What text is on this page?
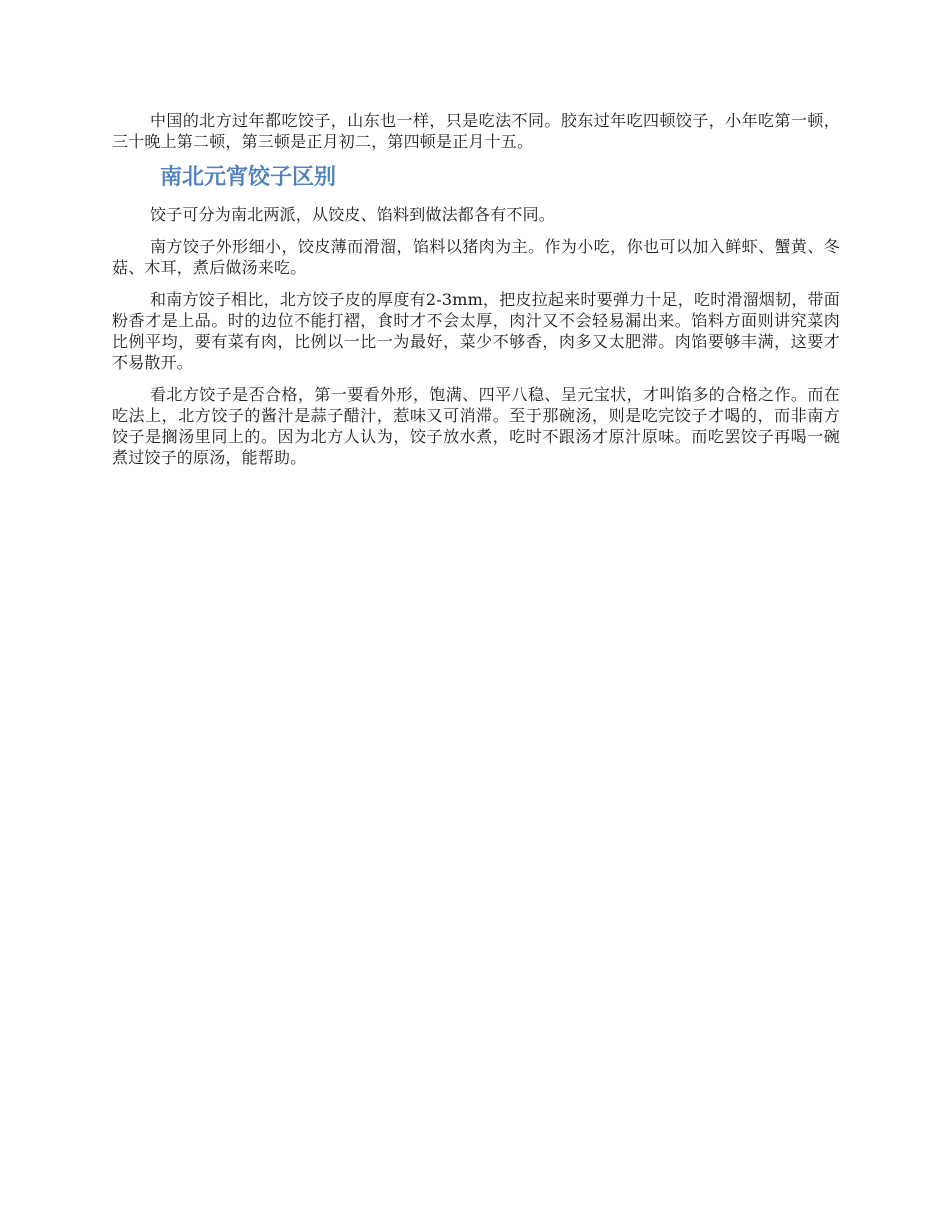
中国的北方过年都吃饺子，山东也一样，只是吃法不同。胶东过年吃四顿饺子，小年吃第一顿，三十晚上第二顿，第三顿是正月初二，第四顿是正月十五。

南北元宵饺子区别

饺子可分为南北两派，从饺皮、馅料到做法都各有不同。

南方饺子外形细小，饺皮薄而滑溜，馅料以猪肉为主。作为小吃，你也可以加入鲜虾、蟹黄、冬菇、木耳，煮后做汤来吃。

和南方饺子相比，北方饺子皮的厚度有2-3mm，把皮拉起来时要弹力十足，吃时滑溜烟韧，带面粉香才是上品。时的边位不能打褶，食时才不会太厚，肉汁又不会轻易漏出来。馅料方面则讲究菜肉比例平均，要有菜有肉，比例以一比一为最好，菜少不够香，肉多又太肥滞。肉馅要够丰满，这要才不易散开。

看北方饺子是否合格，第一要看外形，饱满、四平八稳、呈元宝状，才叫馅多的合格之作。而在吃法上，北方饺子的酱汁是蒜子醋汁，惹味又可消滞。至于那碗汤，则是吃完饺子才喝的，而非南方饺子是搁汤里同上的。因为北方人认为，饺子放水煮，吃时不跟汤才原汁原味。而吃罢饺子再喝一碗煮过饺子的原汤，能帮助。
